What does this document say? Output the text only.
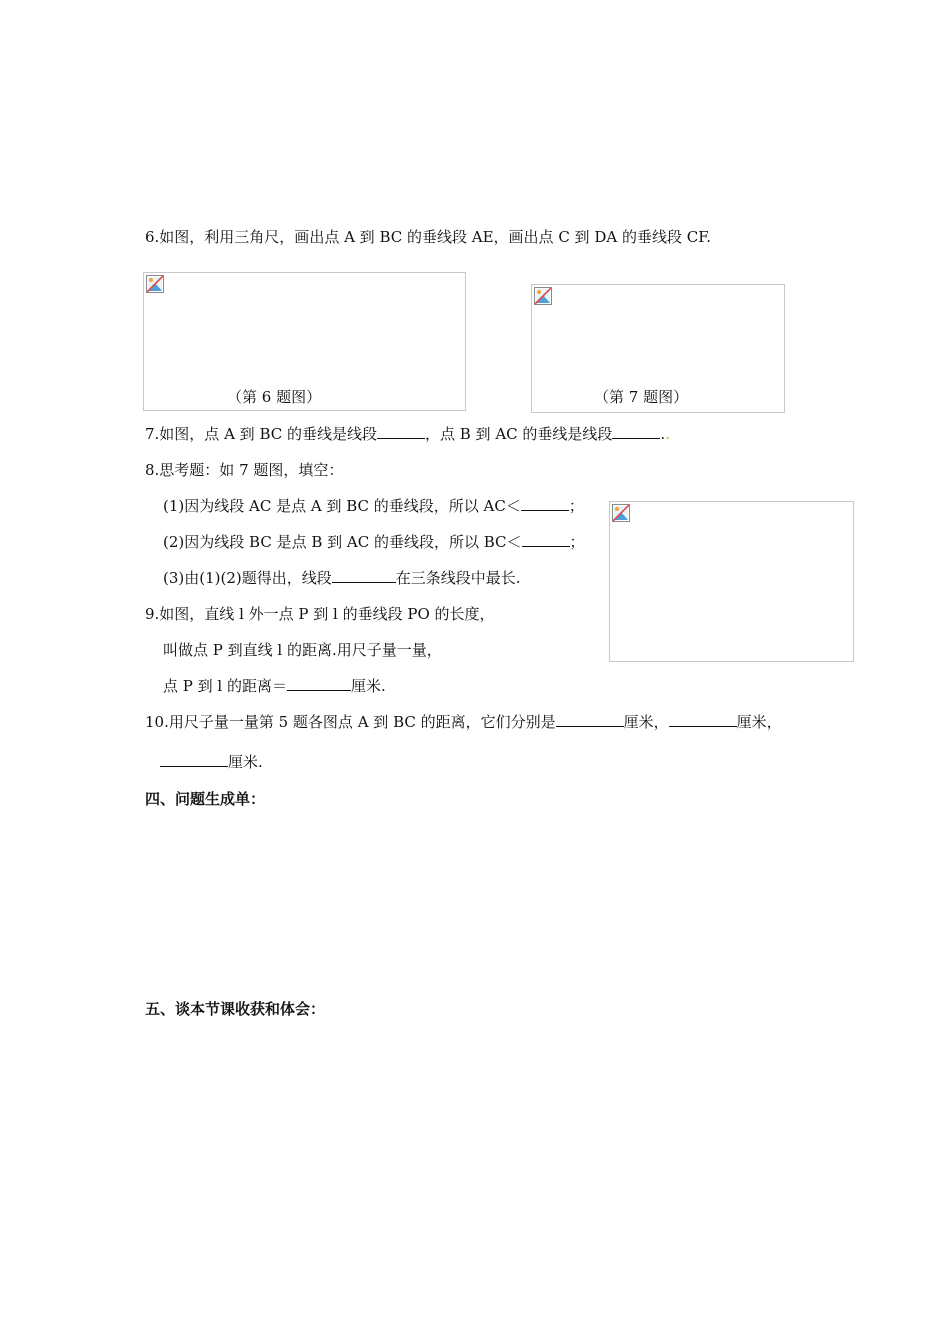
6.如图，利用三角尺，画出点 A 到 BC 的垂线段 AE，画出点 C 到 DA 的垂线段 CF.
（第 6 题图）	（第 7 题图）
7.如图，点 A 到 BC 的垂线是线段	，点 B 到 AC 的垂线是线段	..
8.思考题：如 7 题图，填空：
(1)因为线段 AC 是点 A 到 BC 的垂线段，所以 AC＜	；
(2)因为线段 BC 是点 B 到 AC 的垂线段，所以 BC＜	；
(3)由(1)(2)题得出，线段	在三条线段中最长.
9.如图，直线 l 外一点 P 到 l 的垂线段 PO 的长度，
叫做点 P 到直线 l 的距离.用尺子量一量，
点 P 到 l 的距离＝	厘米.
10.用尺子量一量第 5 题各图点 A 到 BC 的距离，它们分别是	厘米，	厘米，
厘米.
四、问题生成单：
五、谈本节课收获和体会：
